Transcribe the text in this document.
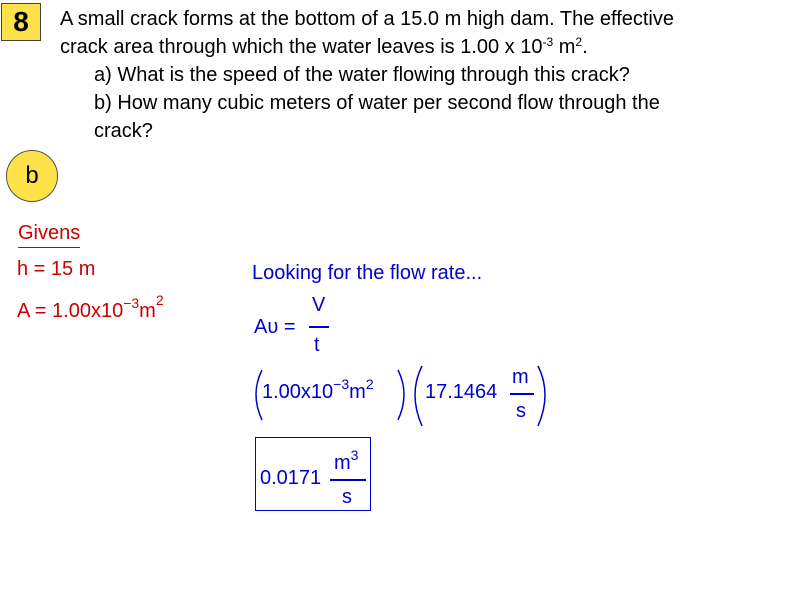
8 A small crack forms at the bottom of a 15.0 m high dam. The effective
crack area through which the water leaves is 1.00 x $10^{-3}$ $m^2$.
a) What is the speed of the water flowing through this crack?
b) How many cubic meters of water per second flow through the
crack?
b
Givens
h = 15 m
$A = 1.00x10^{-3}m^2$
Looking for the flow rate...
Aυ =
V
t
$1.00x10^{-3}m^2$	17.1464
m
s
0.0171
$m^3$
s
